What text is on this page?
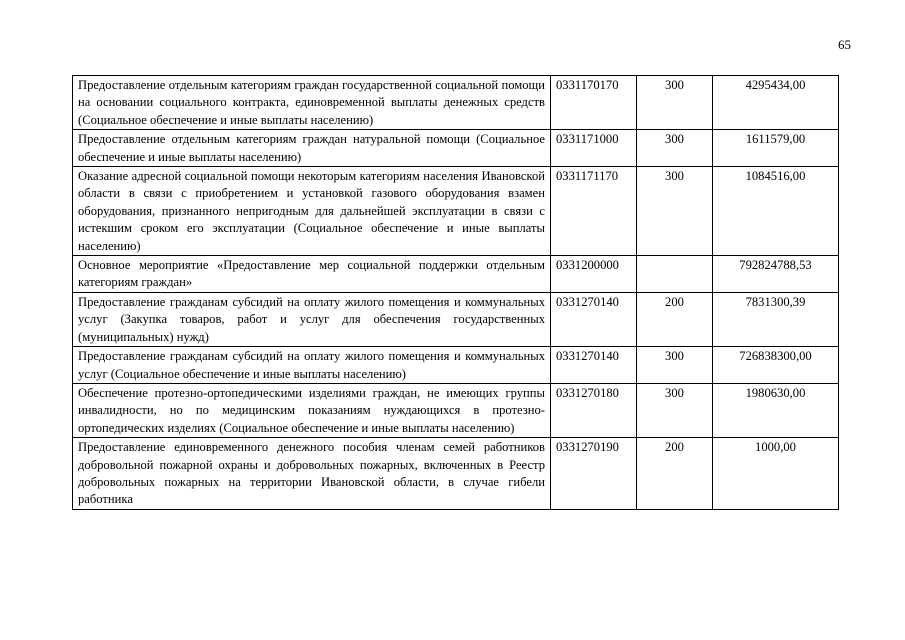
65
Предоставление отдельным категориям граждан государственной социальной помощи на основании социального контракта, единовременной выплаты денежных средств (Социальное обеспечение и иные выплаты населению)	0331170170	300	4295434,00
Предоставление отдельным категориям граждан натуральной помощи (Социальное обеспечение и иные выплаты населению)	0331171000	300	1611579,00
Оказание адресной социальной помощи некоторым категориям населения Ивановской области в связи с приобретением и установкой газового оборудования взамен оборудования, признанного непригодным для дальнейшей эксплуатации в связи с истекшим сроком его эксплуатации (Социальное обеспечение и иные выплаты населению)	0331171170	300	1084516,00
Основное мероприятие «Предоставление мер социальной поддержки отдельным категориям граждан»	0331200000		792824788,53
Предоставление гражданам субсидий на оплату жилого помещения и коммунальных услуг (Закупка товаров, работ и услуг для обеспечения государственных (муниципальных) нужд)	0331270140	200	7831300,39
Предоставление гражданам субсидий на оплату жилого помещения и коммунальных услуг (Социальное обеспечение и иные выплаты населению)	0331270140	300	726838300,00
Обеспечение протезно-ортопедическими изделиями граждан, не имеющих группы инвалидности, но по медицинским показаниям нуждающихся в протезно-ортопедических изделиях (Социальное обеспечение и иные выплаты населению)	0331270180	300	1980630,00
Предоставление единовременного денежного пособия членам семей работников добровольной пожарной охраны и добровольных пожарных, включенных в Реестр добровольных пожарных на территории Ивановской области, в случае гибели работника	0331270190	200	1000,00
